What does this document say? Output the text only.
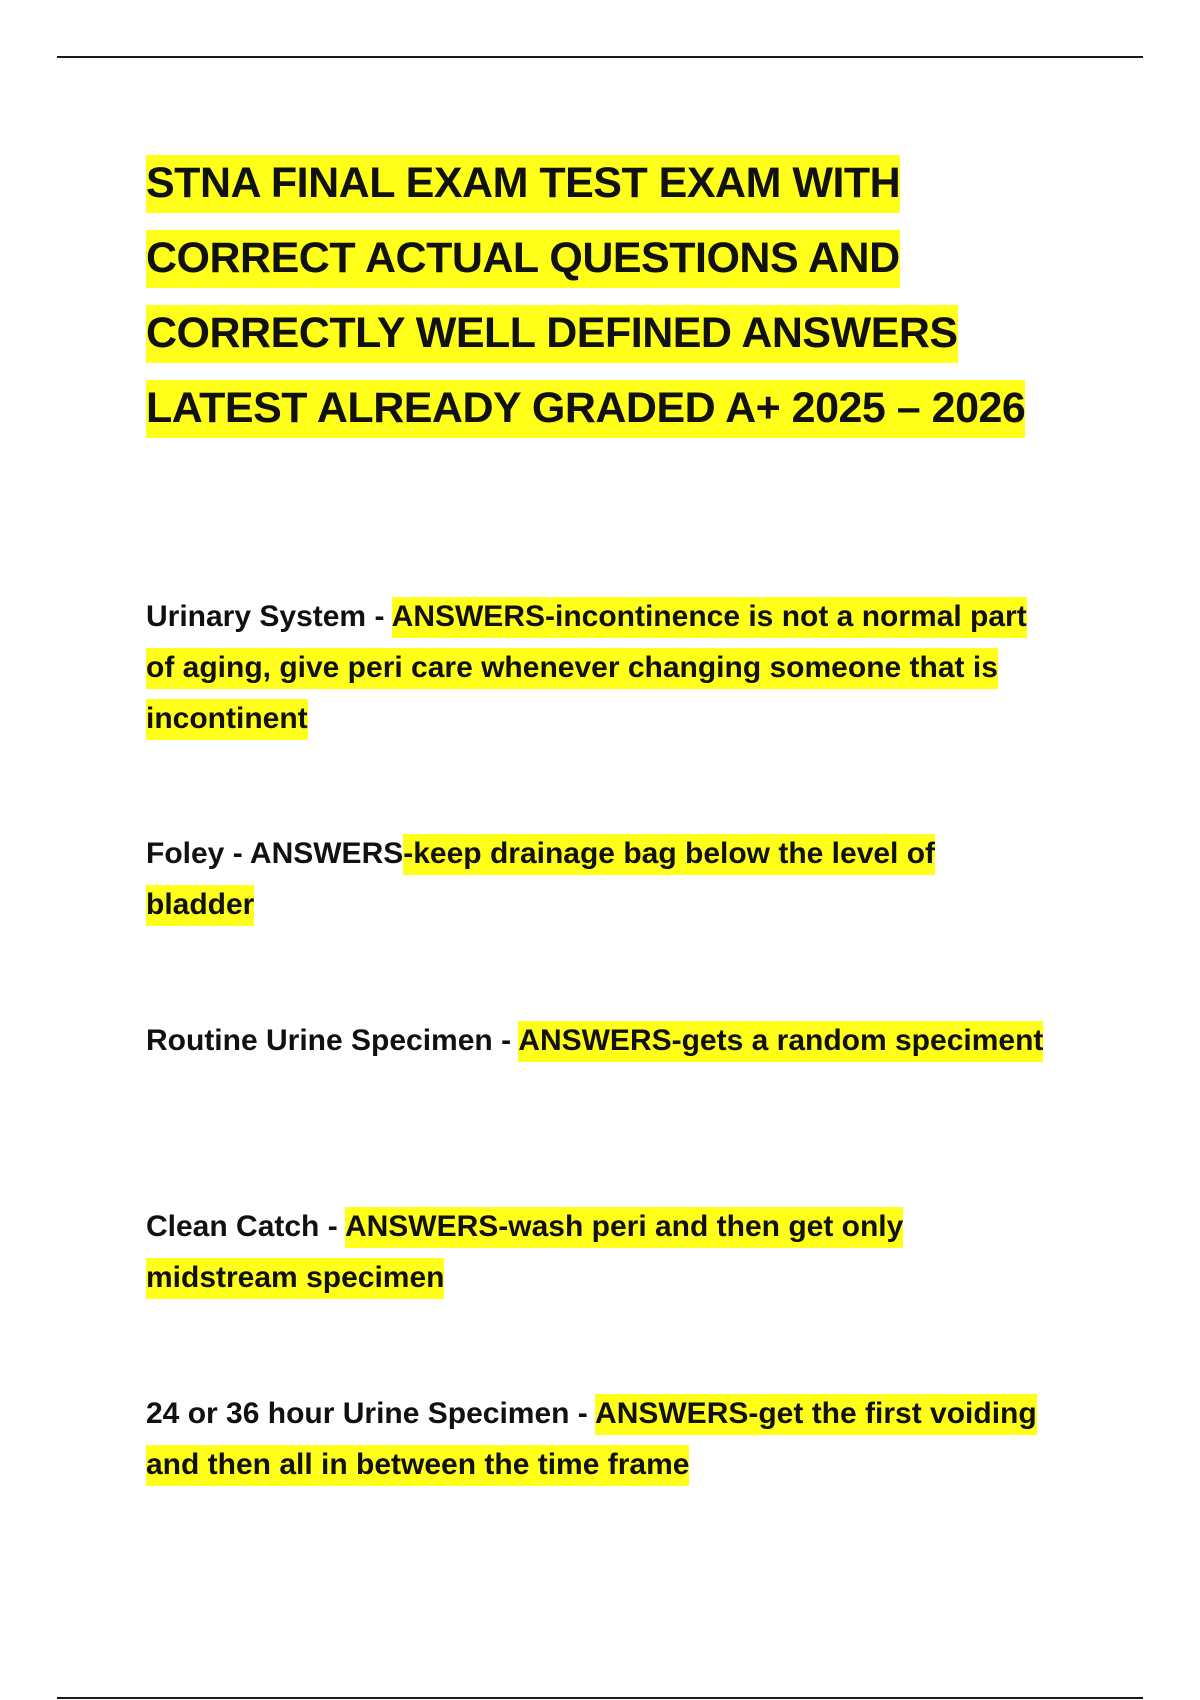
STNA FINAL EXAM TEST EXAM WITH CORRECT ACTUAL QUESTIONS AND CORRECTLY WELL DEFINED ANSWERS LATEST ALREADY GRADED A+ 2025 – 2026

Urinary System - ANSWERS-incontinence is not a normal part of aging, give peri care whenever changing someone that is incontinent

Foley - ANSWERS-keep drainage bag below the level of bladder

Routine Urine Specimen - ANSWERS-gets a random speciment

Clean Catch - ANSWERS-wash peri and then get only midstream specimen

24 or 36 hour Urine Specimen - ANSWERS-get the first voiding and then all in between the time frame
